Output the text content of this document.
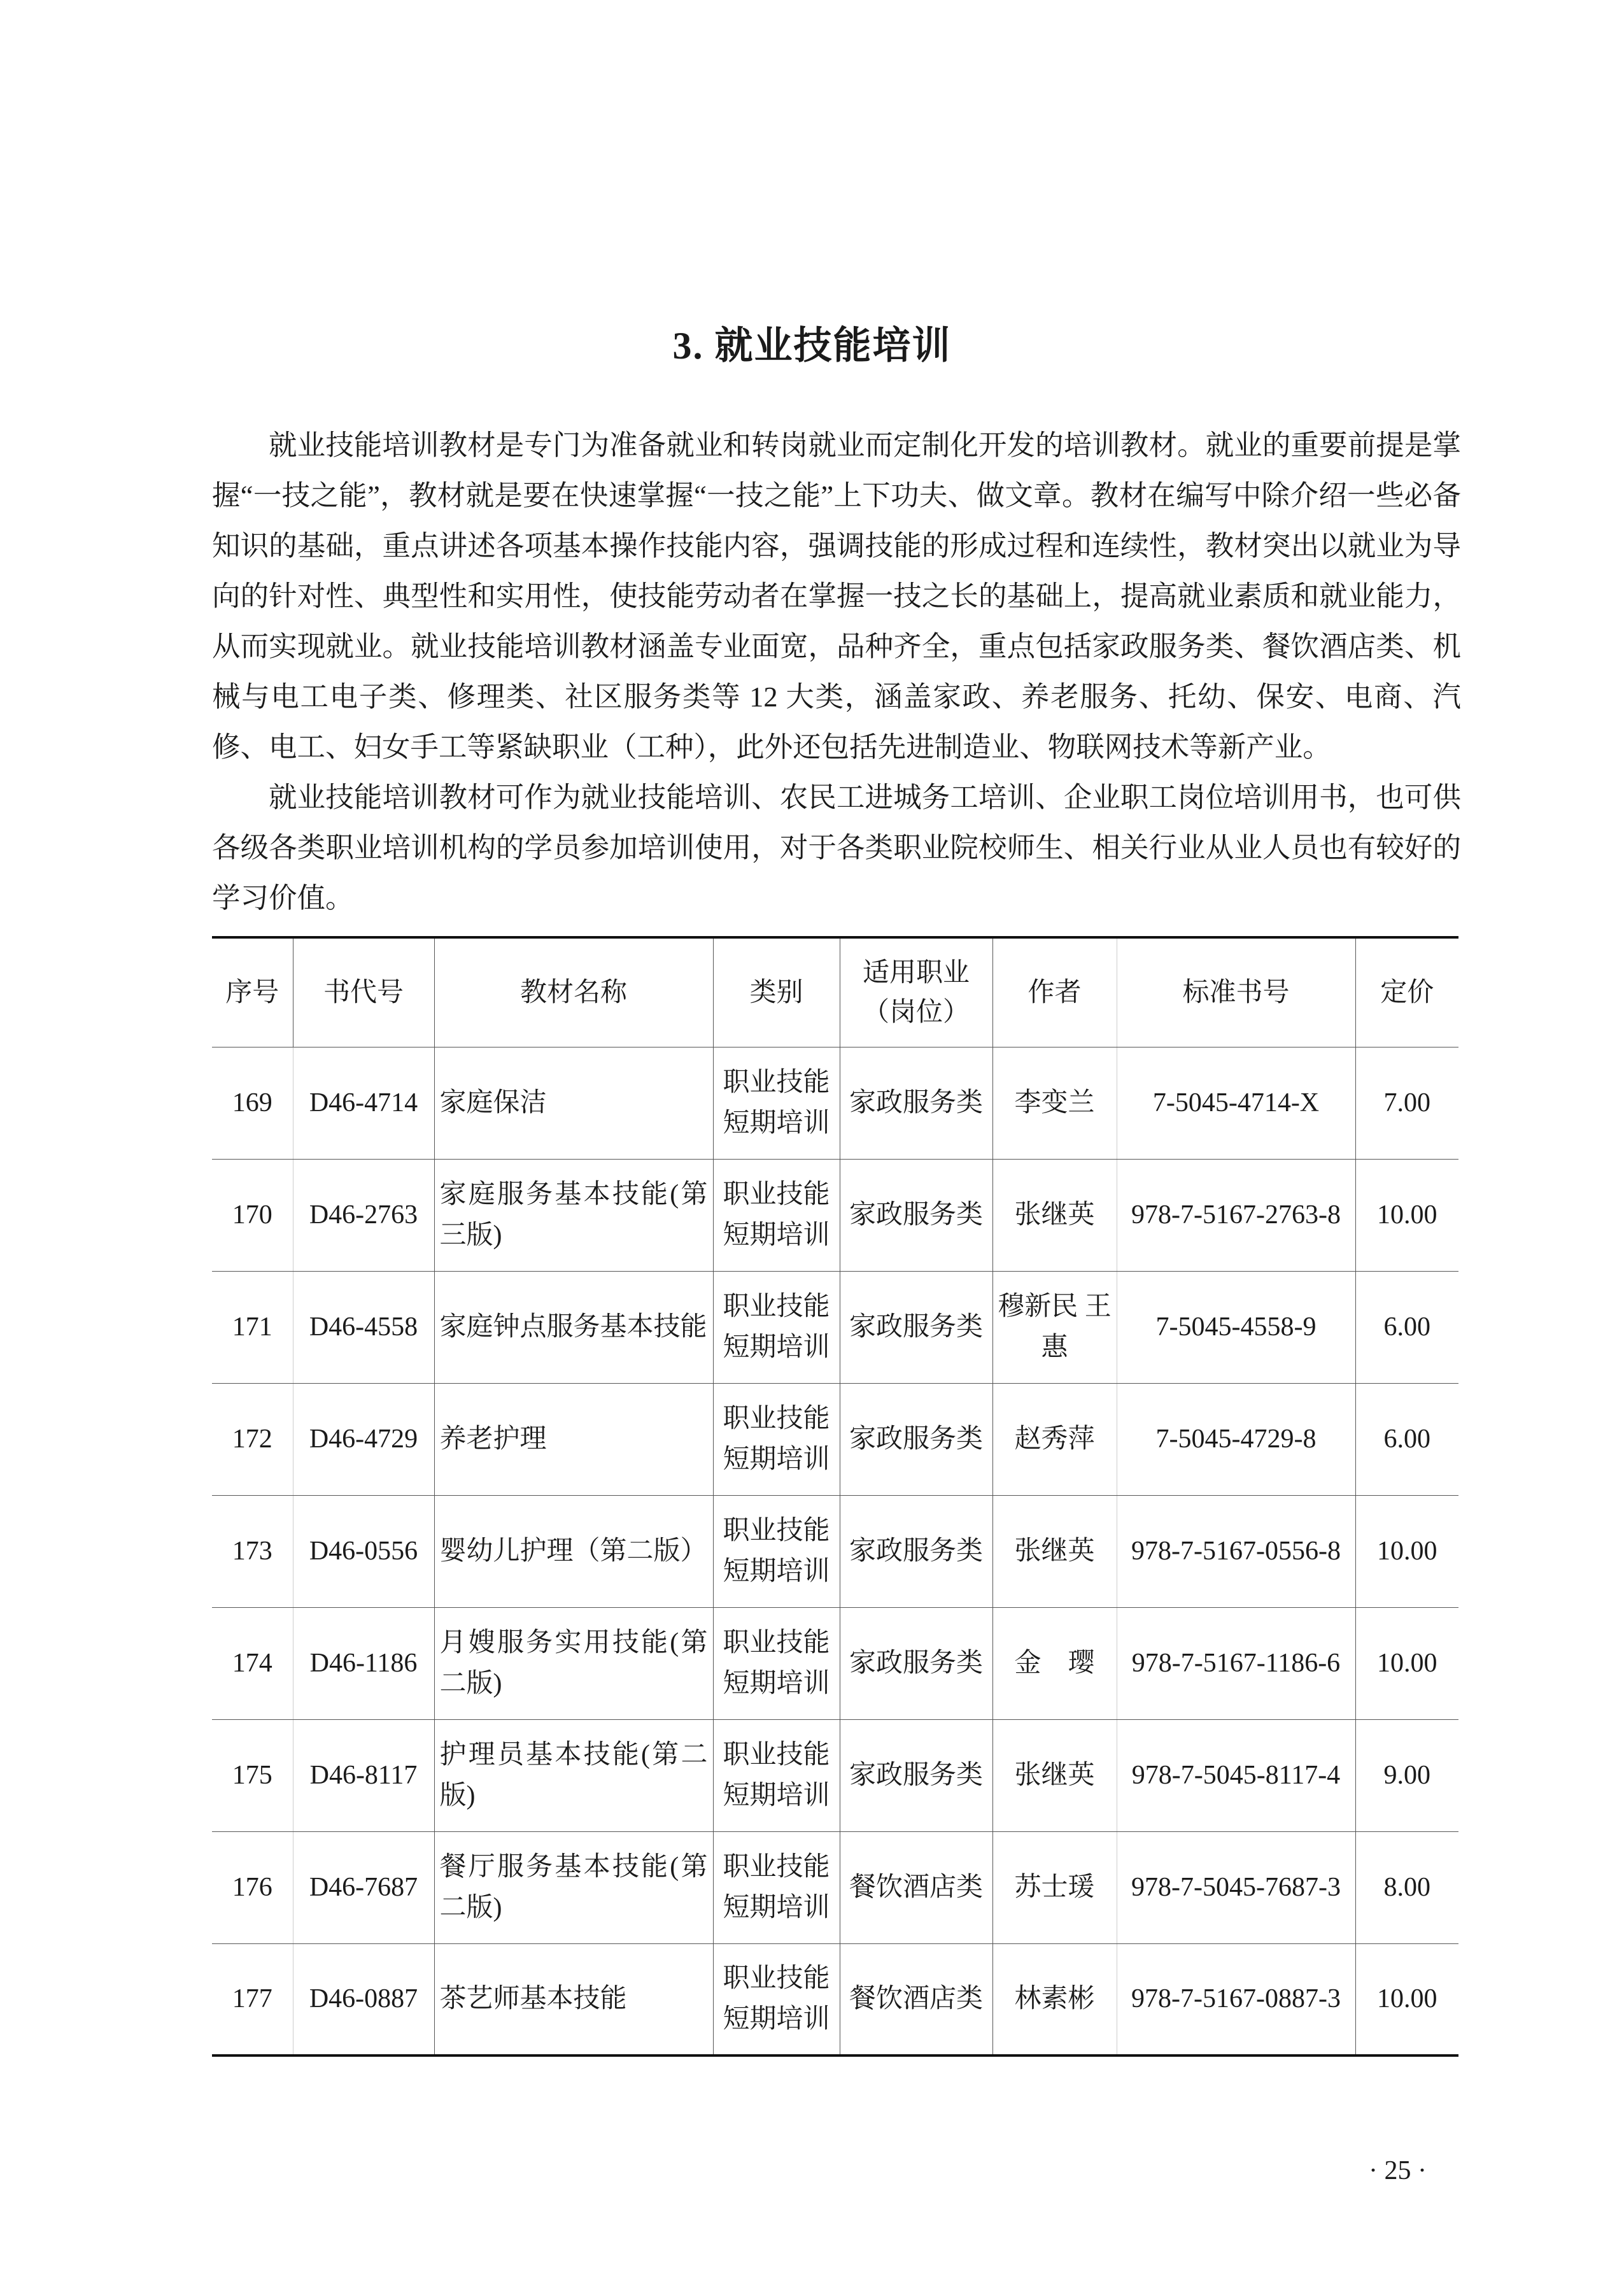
3. 就业技能培训

就业技能培训教材是专门为准备就业和转岗就业而定制化开发的培训教材。就业的重要前提是掌握“一技之能”，教材就是要在快速掌握“一技之能”上下功夫、做文章。教材在编写中除介绍一些必备知识的基础，重点讲述各项基本操作技能内容，强调技能的形成过程和连续性，教材突出以就业为导向的针对性、典型性和实用性，使技能劳动者在掌握一技之长的基础上，提高就业素质和就业能力，从而实现就业。就业技能培训教材涵盖专业面宽，品种齐全，重点包括家政服务类、餐饮酒店类、机械与电工电子类、修理类、社区服务类等 12 大类，涵盖家政、养老服务、托幼、保安、电商、汽修、电工、妇女手工等紧缺职业（工种），此外还包括先进制造业、物联网技术等新产业。

就业技能培训教材可作为就业技能培训、农民工进城务工培训、企业职工岗位培训用书，也可供各级各类职业培训机构的学员参加培训使用，对于各类职业院校师生、相关行业从业人员也有较好的学习价值。

序号	书代号	教材名称	类别	适用职业（岗位）	作者	标准书号	定价
169	D46-4714	家庭保洁	职业技能短期培训	家政服务类	李变兰	7-5045-4714-X	7.00
170	D46-2763	家庭服务基本技能(第三版)	职业技能短期培训	家政服务类	张继英	978-7-5167-2763-8	10.00
171	D46-4558	家庭钟点服务基本技能	职业技能短期培训	家政服务类	穆新民 王　惠	7-5045-4558-9	6.00
172	D46-4729	养老护理	职业技能短期培训	家政服务类	赵秀萍	7-5045-4729-8	6.00
173	D46-0556	婴幼儿护理（第二版）	职业技能短期培训	家政服务类	张继英	978-7-5167-0556-8	10.00
174	D46-1186	月嫂服务实用技能(第二版)	职业技能短期培训	家政服务类	金　璎	978-7-5167-1186-6	10.00
175	D46-8117	护理员基本技能(第二版)	职业技能短期培训	家政服务类	张继英	978-7-5045-8117-4	9.00
176	D46-7687	餐厅服务基本技能(第二版)	职业技能短期培训	餐饮酒店类	苏士瑗	978-7-5045-7687-3	8.00
177	D46-0887	茶艺师基本技能	职业技能短期培训	餐饮酒店类	林素彬	978-7-5167-0887-3	10.00
· 25 ·
